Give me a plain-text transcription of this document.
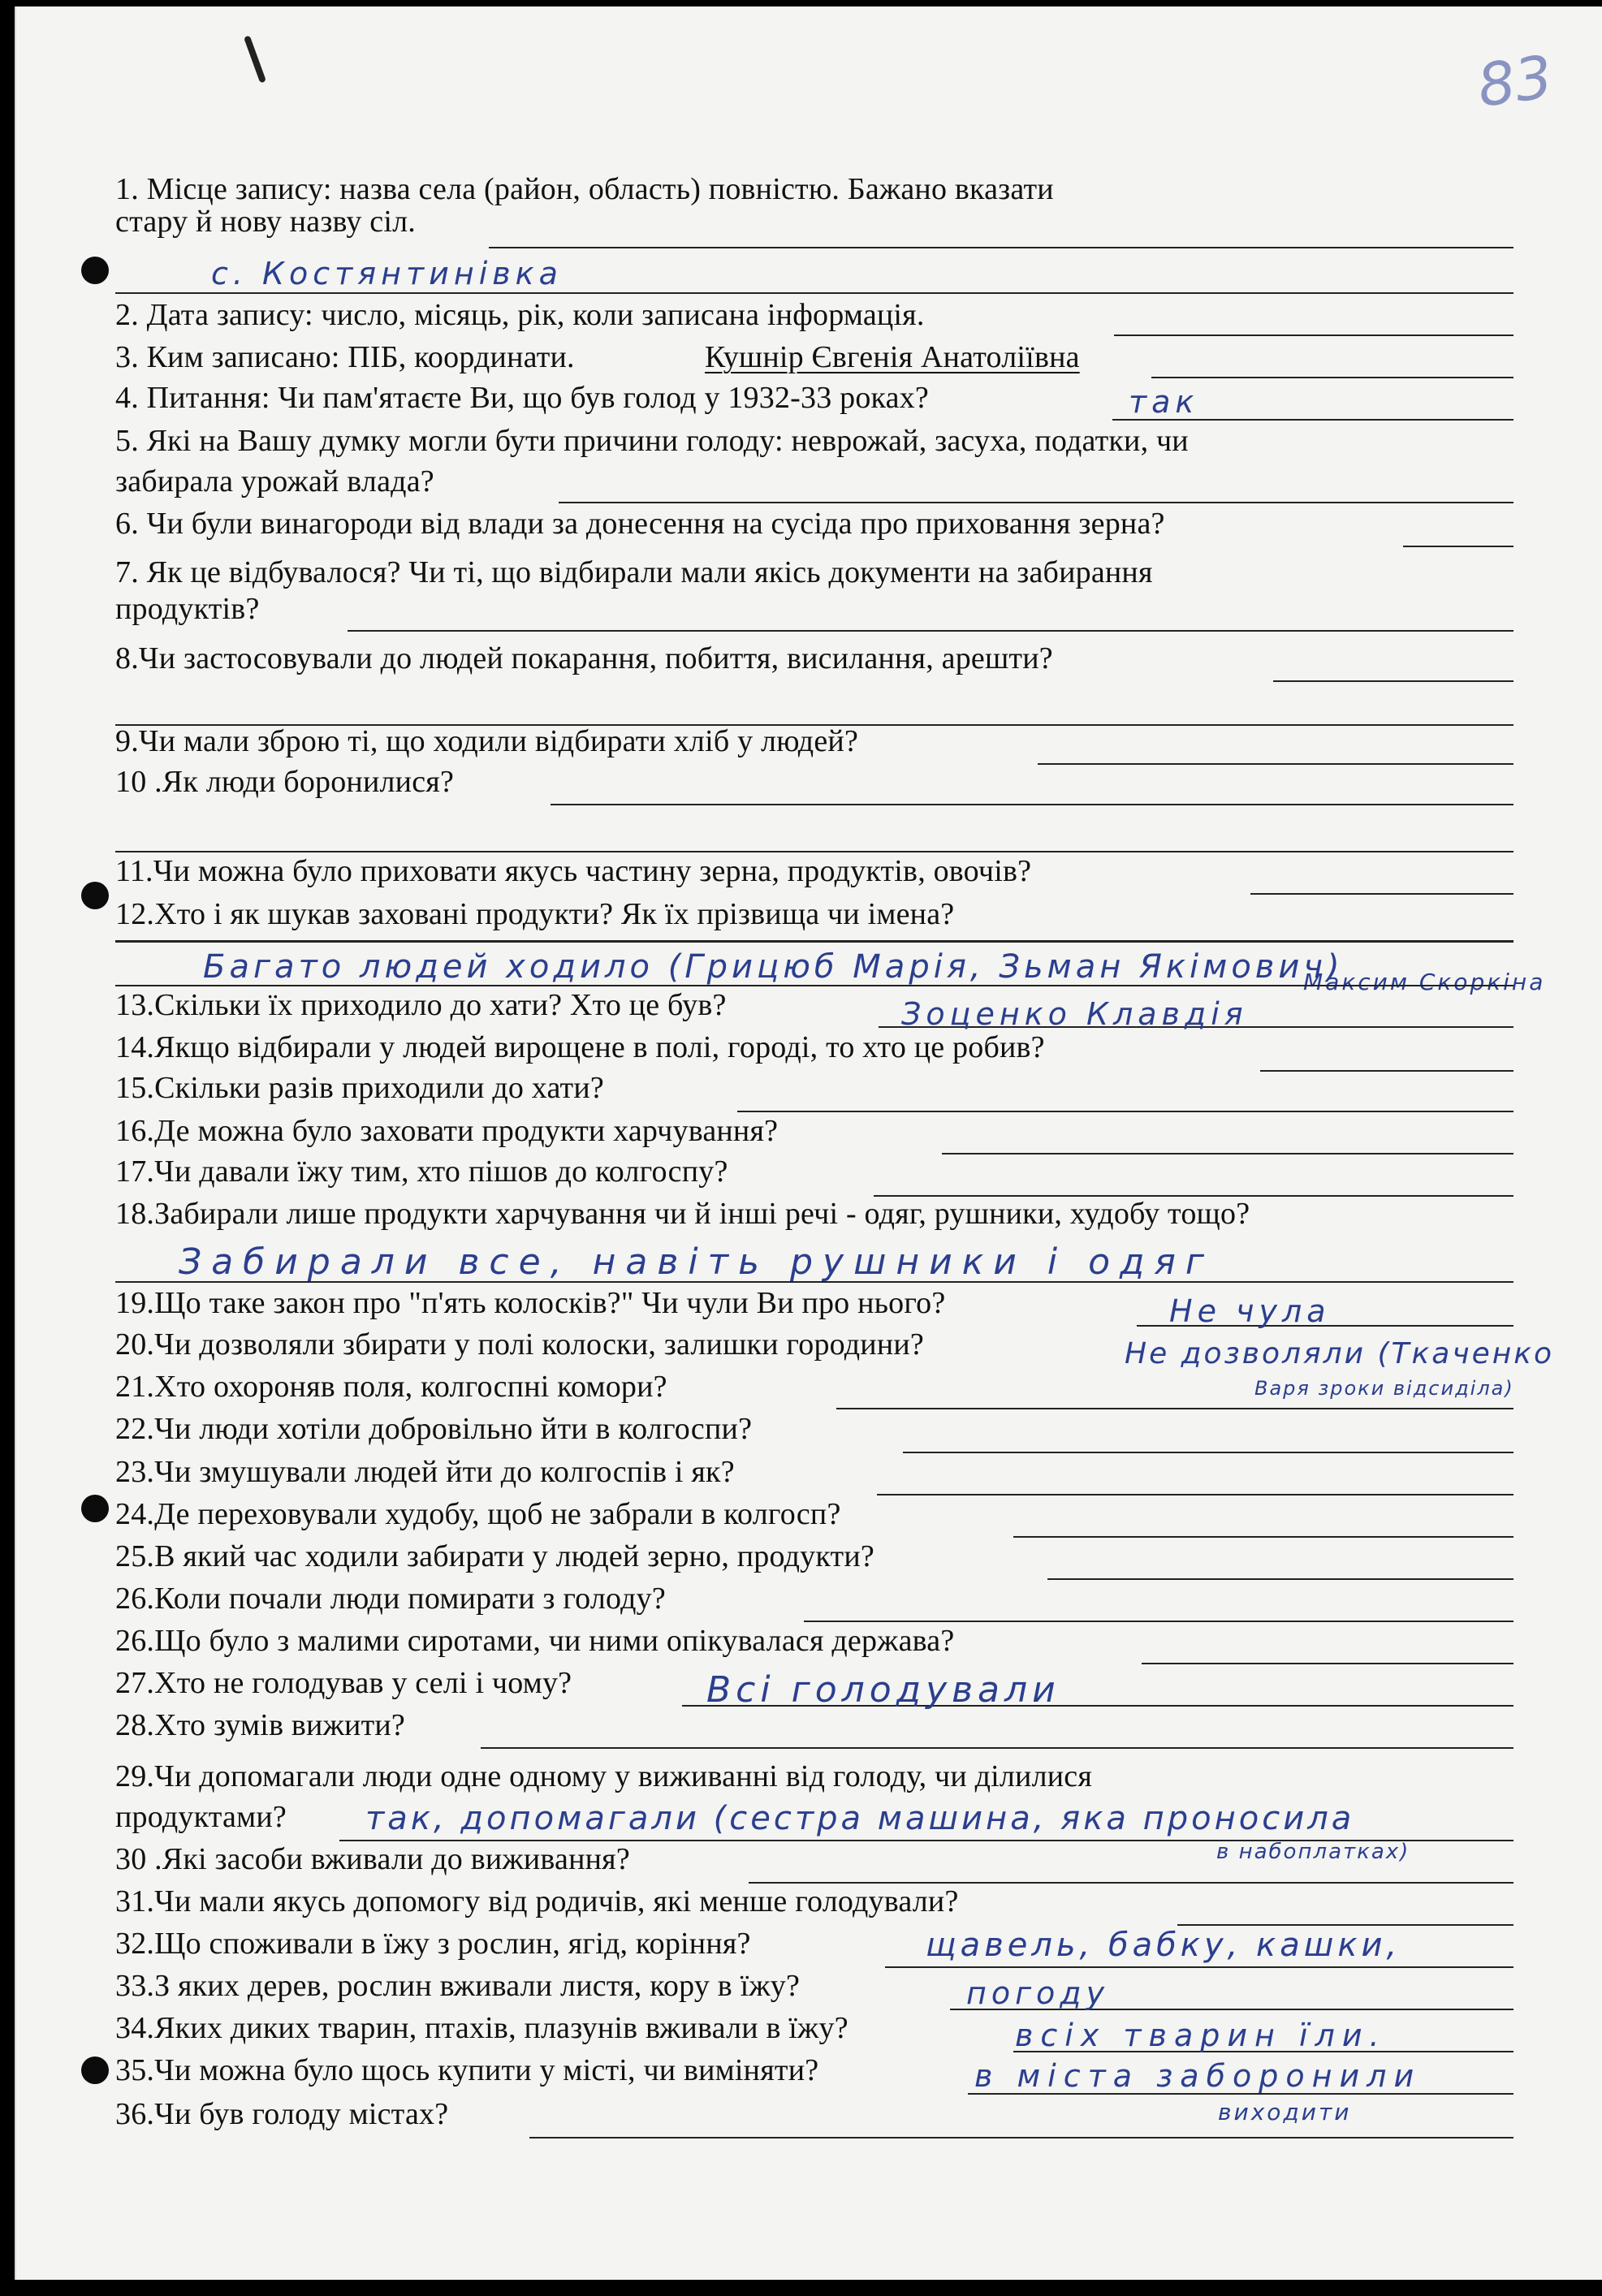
83
1. Місце запису: назва села (район, область) повністю. Бажано вказати
стару й нову назву сіл.
с. Костянтинівка
2. Дата запису: число, місяць, рік, коли записана інформація.
3. Ким записано: ПІБ, координати.	Кушнір Євгенія Анатоліївна
4. Питання: Чи пам'ятаєте Ви, що був голод у 1932-33 роках?	так
5. Які на Вашу думку могли бути причини голоду: неврожай, засуха, податки, чи
забирала урожай влада?
6. Чи були винагороди від влади за донесення на сусіда про приховання зерна?
7. Як це відбувалося? Чи ті, що відбирали мали якісь документи на забирання
продуктів?
8.Чи застосовували до людей покарання, побиття, висилання, арешти?
9.Чи мали зброю ті, що ходили відбирати хліб у людей?
10 .Як люди боронилися?
11.Чи можна було приховати якусь частину зерна, продуктів, овочів?
12.Хто і як шукав заховані продукти? Як їх прізвища чи імена?
Багато людей ходило (Грицюб Марія, Зьман Якімович)
Максим Скоркіна
13.Скільки їх приходило до хати? Хто це був?	Зоценко Клавдія
14.Якщо відбирали у людей вирощене в полі, городі, то хто це робив?
15.Скільки разів приходили до хати?
16.Де можна було заховати продукти харчування?
17.Чи давали їжу тим, хто пішов до колгоспу?
18.Забирали лише продукти харчування чи й інші речі - одяг, рушники, худобу тощо?
Забирали все, навіть рушники і одяг
19.Що таке закон про "п'ять колосків?" Чи чули Ви про нього?	Не чула
20.Чи дозволяли збирати у полі колоски, залишки городини?	Не дозволяли (Ткаченко
Варя зроки відсиділа)
21.Хто охороняв поля, колгоспні комори?
22.Чи люди хотіли добровільно йти в колгоспи?
23.Чи змушували людей йти до колгоспів і як?
24.Де переховували худобу, щоб не забрали в колгосп?
25.В який час ходили забирати у людей зерно, продукти?
26.Коли почали люди помирати з голоду?
26.Що було з малими сиротами, чи ними опікувалася держава?
27.Хто не голодував у селі і чому?	Всі голодували
28.Хто зумів вижити?
29.Чи допомагали люди одне одному у виживанні від голоду, чи ділилися
продуктами? так, допомагали (сестра машина, яка проносила
в набоплатках)
30 .Які засоби вживали до виживання?
31.Чи мали якусь допомогу від родичів, які менше голодували?
32.Що споживали в їжу з рослин, ягід, коріння?	щавель, бабку, кашки,
33.З яких дерев, рослин вживали листя, кору в їжу?	погоду
34.Яких диких тварин, птахів, плазунів вживали в їжу?	всіх тварин їли.
35.Чи можна було щось купити у місті, чи виміняти?	в міста заборонили
виходити
36.Чи був голоду містах?
